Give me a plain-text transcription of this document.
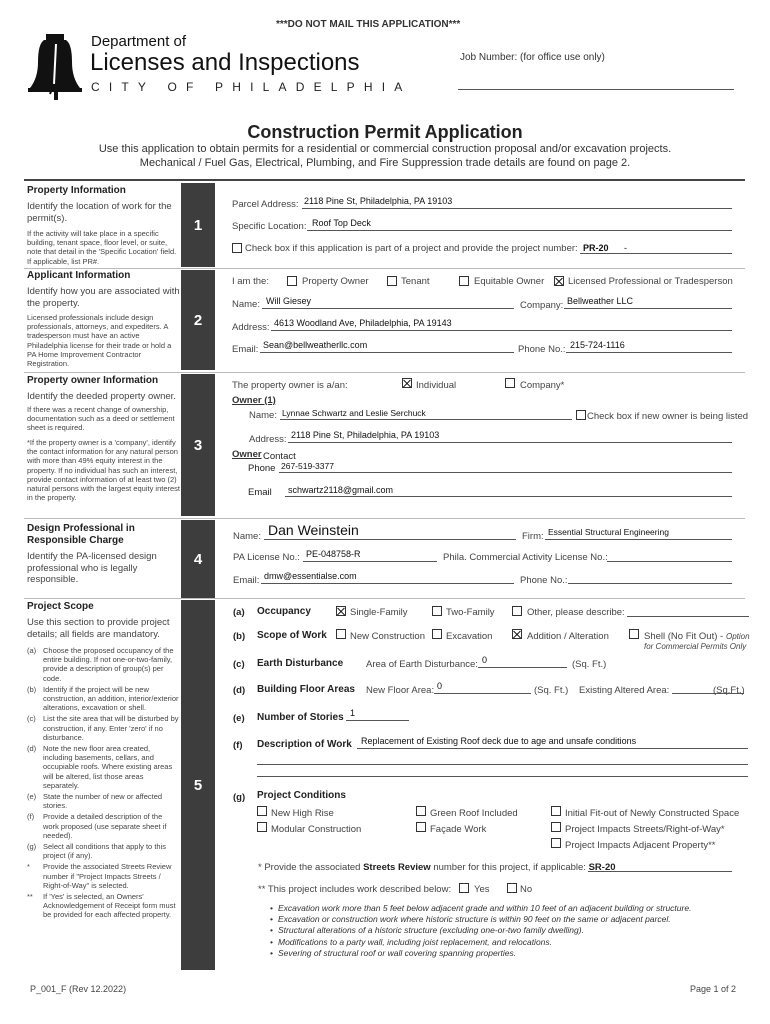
***DO NOT MAIL THIS APPLICATION***
Department of
Licenses and Inspections
CITY OF PHILADELPHIA
Job Number: (for office use only)
Construction Permit Application
Use this application to obtain permits for a residential or commercial construction proposal and/or excavation projects.
Mechanical / Fuel Gas, Electrical, Plumbing, and Fire Suppression trade details are found on page 2.
1
Property Information
Identify the location of work for the permit(s).
If the activity will take place in a specific building, tenant space, floor level, or suite, note that detail in the 'Specific Location' field. If applicable, list PR#.
Parcel Address: 2118 Pine St, Philadelphia, PA 19103
Specific Location: Roof Top Deck
Check box if this application is part of a project and provide the project number: PR-20 -
2
Applicant Information
Identify how you are associated with the property.
Licensed professionals include design professionals, attorneys, and expediters. A tradesperson must have an active Philadelphia license for their trade or hold a PA Home Improvement Contractor Registration.
I am the:	Property Owner	Tenant	Equitable Owner	Licensed Professional or Tradesperson
Name: Will Giesey	Company: Bellweather LLC
Address: 4613 Woodland Ave, Philadelphia, PA 19143
Email: Sean@bellweatherllc.com	Phone No.: 215-724-1116
3
Property owner Information
Identify the deeded property owner.
If there was a recent change of ownership, documentation such as a deed or settlement sheet is required.
*If the property owner is a 'company', identify the contact information for any natural person with more than 49% equity interest in the property. If no individual has such an interest, provide contact information of at least two (2) natural persons with the largest equity interest in the property.
The property owner is a/an:	Individual	Company*
Owner (1)
Name: Lynnae Schwartz and Leslie Serchuck	Check box if new owner is being listed
Address: 2118 Pine St, Philadelphia, PA 19103
Owner Contact
Phone 267-519-3377
Email schwartz2118@gmail.com
4
Design Professional in
Responsible Charge
Identify the PA-licensed design professional who is legally responsible.
Name: Dan Weinstein	Firm: Essential Structural Engineering
PA License No.: PE-048758-R	Phila. Commercial Activity License No.:
Email: dmw@essentialse.com	Phone No.:
5
Project Scope
Use this section to provide project details; all fields are mandatory.
(a) Choose the proposed occupancy of the entire building. If not one-or-two-family, provide a description of group(s) per code.
(b) Identify if the project will be new construction, an addition, interior/exterior alterations, excavation or shell.
(c) List the site area that will be disturbed by construction, if any. Enter 'zero' if no disturbance.
(d) Note the new floor area created, including basements, cellars, and occupiable roofs. Where existing areas will be altered, list those areas separately.
(e) State the number of new or affected stories.
(f) Provide a detailed description of the work proposed (use separate sheet if needed).
(g) Select all conditions that apply to this project (if any).
* Provide the associated Streets Review number if "Project Impacts Streets / Right-of-Way" is selected.
** If 'Yes' is selected, an Owners' Acknowledgement of Receipt form must be provided for each affected property.
(a) Occupancy	Single-Family	Two-Family	Other, please describe:
(b) Scope of Work New Construction Excavation	Addition / Alteration	Shell (No Fit Out) - Option
for Commercial Permits Only
(c) Earth Disturbance Area of Earth Disturbance: 0	(Sq. Ft.)
(d) Building Floor Areas New Floor Area: 0	(Sq. Ft.) Existing Altered Area:	(Sq.Ft.)
(e) Number of Stories 1
(f) Description of Work Replacement of Existing Roof deck due to age and unsafe conditions
(g) Project Conditions
New High Rise	Green Roof Included	Initial Fit-out of Newly Constructed Space
Modular Construction	Façade Work	Project Impacts Streets/Right-of-Way*
Project Impacts Adjacent Property**
* Provide the associated Streets Review number for this project, if applicable: SR-20
** This project includes work described below: Yes	No
• Excavation work more than 5 feet below adjacent grade and within 10 feet of an adjacent building or structure.
• Excavation or construction work where historic structure is within 90 feet on the same or adjacent parcel.
• Structural alterations of a historic structure (excluding one-or-two family dwelling).
• Modifications to a party wall, including joist replacement, and relocations.
• Severing of structural roof or wall covering spanning properties.
P_001_F (Rev 12.2022)	Page 1 of 2
